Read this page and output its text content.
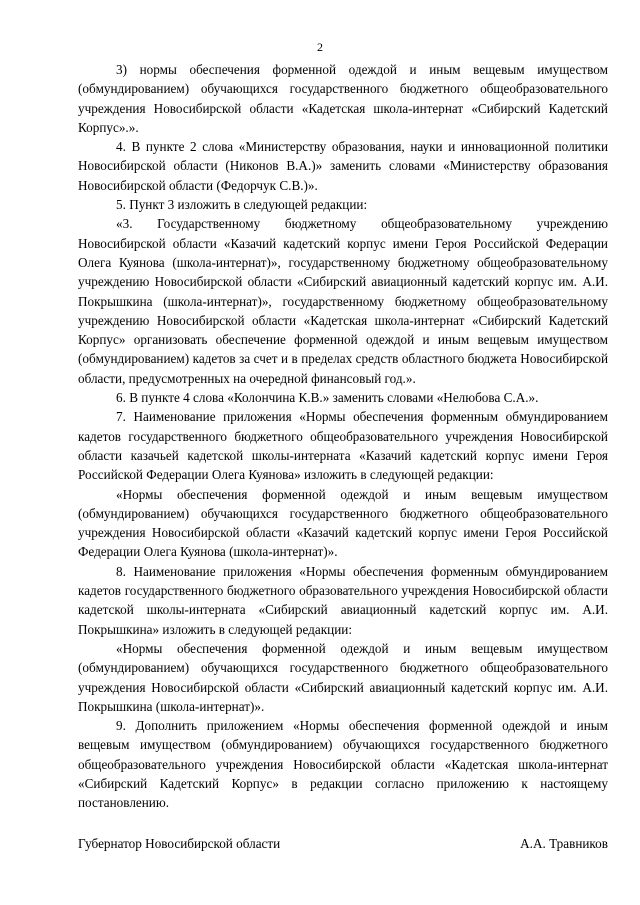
2

3) нормы обеспечения форменной одеждой и иным вещевым имуществом (обмундированием) обучающихся государственного бюджетного общеобразовательного учреждения Новосибирской области «Кадетская школа-интернат «Сибирский Кадетский Корпус».».

4. В пункте 2 слова «Министерству образования, науки и инновационной политики Новосибирской области (Никонов В.А.)» заменить словами «Министерству образования Новосибирской области (Федорчук С.В.)».

5. Пункт 3 изложить в следующей редакции:

«3. Государственному бюджетному общеобразовательному учреждению Новосибирской области «Казачий кадетский корпус имени Героя Российской Федерации Олега Куянова (школа-интернат)», государственному бюджетному общеобразовательному учреждению Новосибирской области «Сибирский авиационный кадетский корпус им. А.И. Покрышкина (школа-интернат)», государственному бюджетному общеобразовательному учреждению Новосибирской области «Кадетская школа-интернат «Сибирский Кадетский Корпус» организовать обеспечение форменной одеждой и иным вещевым имуществом (обмундированием) кадетов за счет и в пределах средств областного бюджета Новосибирской области, предусмотренных на очередной финансовый год.».

6. В пункте 4 слова «Колончина К.В.» заменить словами «Нелюбова С.А.».

7. Наименование приложения «Нормы обеспечения форменным обмундированием кадетов государственного бюджетного общеобразовательного учреждения Новосибирской области казачьей кадетской школы-интерната «Казачий кадетский корпус имени Героя Российской Федерации Олега Куянова» изложить в следующей редакции:

«Нормы обеспечения форменной одеждой и иным вещевым имуществом (обмундированием) обучающихся государственного бюджетного общеобразовательного учреждения Новосибирской области «Казачий кадетский корпус имени Героя Российской Федерации Олега Куянова (школа-интернат)».

8. Наименование приложения «Нормы обеспечения форменным обмундированием кадетов государственного бюджетного образовательного учреждения Новосибирской области кадетской школы-интерната «Сибирский авиационный кадетский корпус им. А.И. Покрышкина» изложить в следующей редакции:

«Нормы обеспечения форменной одеждой и иным вещевым имуществом (обмундированием) обучающихся государственного бюджетного общеобразовательного учреждения Новосибирской области «Сибирский авиационный кадетский корпус им. А.И. Покрышкина (школа-интернат)».

9. Дополнить приложением «Нормы обеспечения форменной одеждой и иным вещевым имуществом (обмундированием) обучающихся государственного бюджетного общеобразовательного учреждения Новосибирской области «Кадетская школа-интернат «Сибирский Кадетский Корпус» в редакции согласно приложению к настоящему постановлению.

Губернатор Новосибирской области	А.А. Травников
